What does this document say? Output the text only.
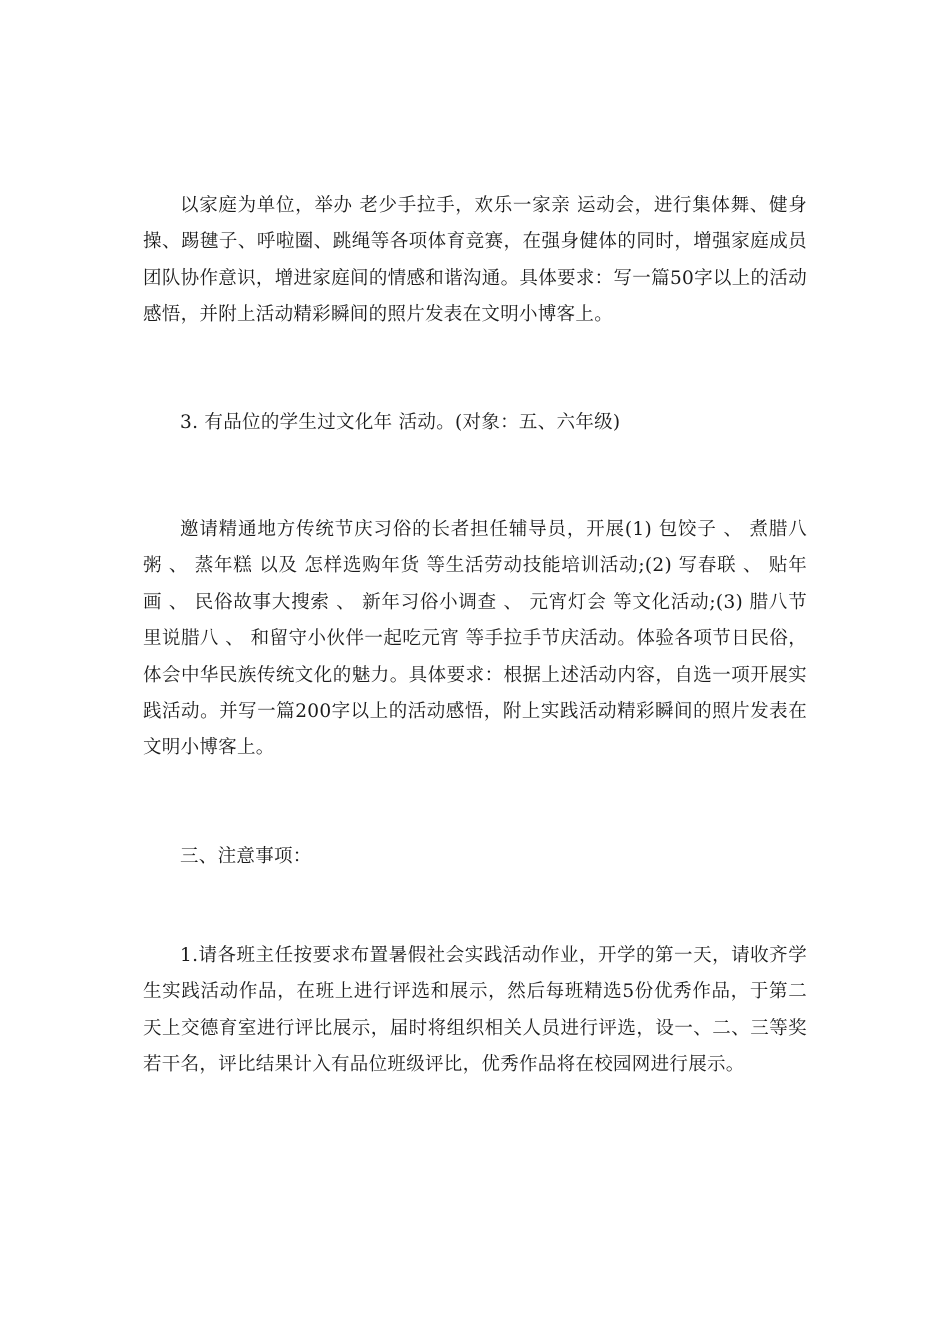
以家庭为单位，举办 老少手拉手，欢乐一家亲 运动会，进行集体舞、健身操、踢毽子、呼啦圈、跳绳等各项体育竞赛，在强身健体的同时，增强家庭成员团队协作意识，增进家庭间的情感和谐沟通。具体要求：写一篇50字以上的活动感悟，并附上活动精彩瞬间的照片发表在文明小博客上。

3. 有品位的学生过文化年 活动。(对象：五、六年级)

邀请精通地方传统节庆习俗的长者担任辅导员，开展(1) 包饺子 、 煮腊八粥 、 蒸年糕 以及 怎样选购年货 等生活劳动技能培训活动;(2) 写春联 、 贴年画 、 民俗故事大搜索 、 新年习俗小调查 、 元宵灯会 等文化活动;(3) 腊八节里说腊八 、 和留守小伙伴一起吃元宵 等手拉手节庆活动。体验各项节日民俗，体会中华民族传统文化的魅力。具体要求：根据上述活动内容，自选一项开展实践活动。并写一篇200字以上的活动感悟，附上实践活动精彩瞬间的照片发表在文明小博客上。

三、注意事项：

1.请各班主任按要求布置暑假社会实践活动作业，开学的第一天，请收齐学生实践活动作品，在班上进行评选和展示，然后每班精选5份优秀作品，于第二天上交德育室进行评比展示，届时将组织相关人员进行评选，设一、二、三等奖若干名，评比结果计入有品位班级评比，优秀作品将在校园网进行展示。
